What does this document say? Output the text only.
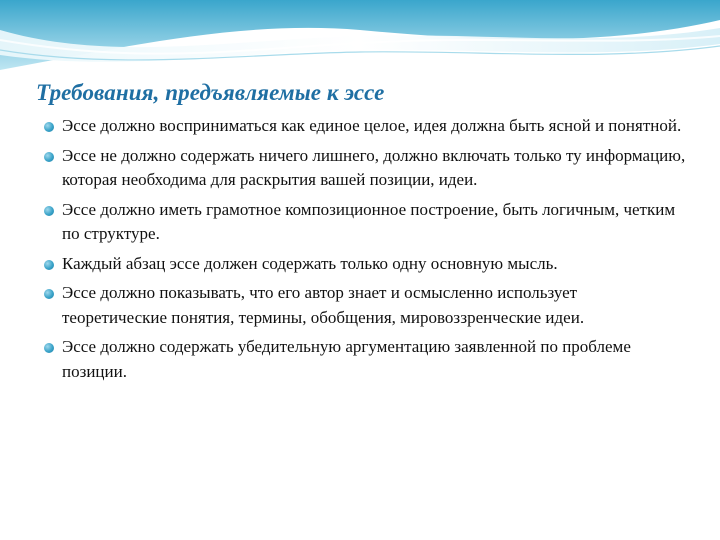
Требования, предъявляемые к эссе
Эссе должно восприниматься как единое целое, идея должна быть ясной и понятной.
Эссе не должно содержать ничего лишнего, должно включать только ту информацию, которая необходима для раскрытия вашей позиции, идеи.
Эссе должно иметь грамотное композиционное построение, быть логичным, четким по структуре.
Каждый абзац эссе должен содержать только одну основную мысль.
Эссе должно показывать, что его автор знает и осмысленно использует теоретические понятия, термины, обобщения, мировоззренческие идеи.
Эссе должно содержать убедительную аргументацию заявленной по проблеме позиции.
